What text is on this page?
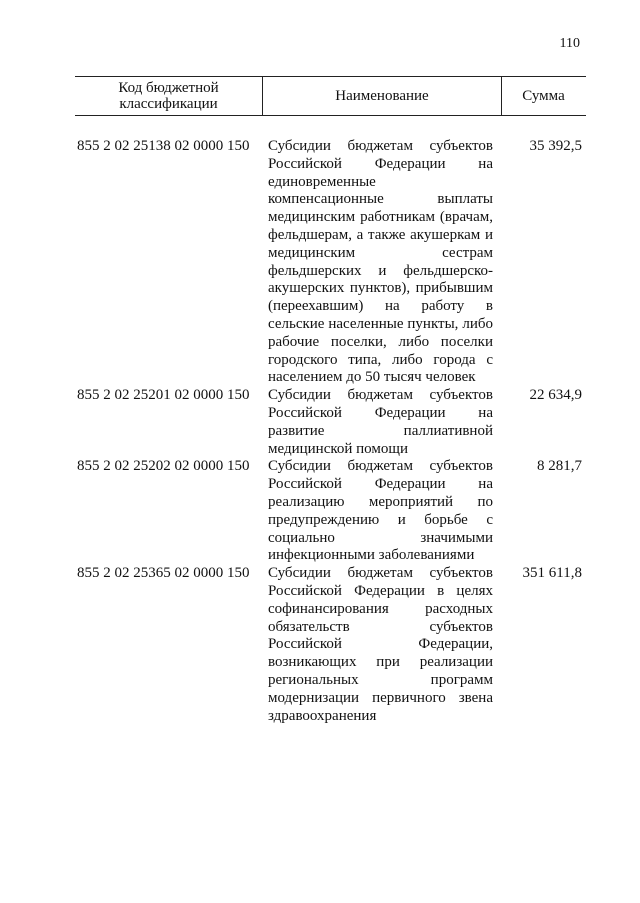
110
Код бюджетной классификации	Наименование	Сумма
855 2 02 25138 02 0000 150 Субсидии бюджетам субъектов Российской Федерации на единовременные компенсационные выплаты медицинским работникам (врачам, фельдшерам, а также акушеркам и медицинским сестрам фельдшерских и фельдшерско-акушерских пунктов), прибывшим (переехавшим) на работу в сельские населенные пункты, либо рабочие поселки, либо поселки городского типа, либо города с населением до 50 тысяч человек
35 392,5
855 2 02 25201 02 0000 150 Субсидии бюджетам субъектов Российской Федерации на развитие паллиативной медицинской помощи
22 634,9
855 2 02 25202 02 0000 150 Субсидии бюджетам субъектов Российской Федерации на реализацию мероприятий по предупреждению и борьбе с социально значимыми инфекционными заболеваниями
8 281,7
855 2 02 25365 02 0000 150 Субсидии бюджетам субъектов Российской Федерации в целях софинансирования расходных обязательств субъектов Российской Федерации, возникающих при реализации региональных программ модернизации первичного звена здравоохранения
351 611,8
